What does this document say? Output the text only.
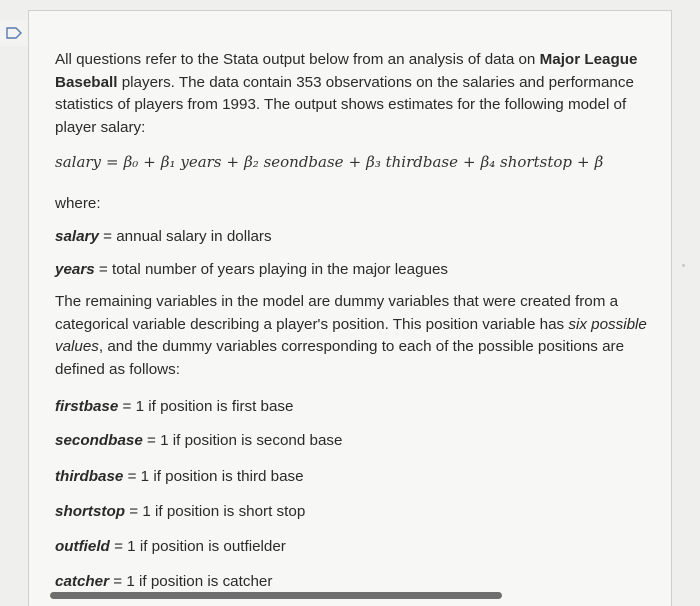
All questions refer to the Stata output below from an analysis of data on Major League Baseball players. The data contain 353 observations on the salaries and performance statistics of players from 1993. The output shows estimates for the following model of player salary:

salary = β₀ + β₁ years + β₂ seondbase + β₃ thirdbase + β₄ shortstop + β
where:
salary = annual salary in dollars
years = total number of years playing in the major leagues

The remaining variables in the model are dummy variables that were created from a categorical variable describing a player's position. This position variable has six possible values, and the dummy variables corresponding to each of the possible positions are defined as follows:

firstbase = 1 if position is first base
secondbase = 1 if position is second base
thirdbase = 1 if position is third base
shortstop = 1 if position is short stop
outfield = 1 if position is outfielder
catcher = 1 if position is catcher
